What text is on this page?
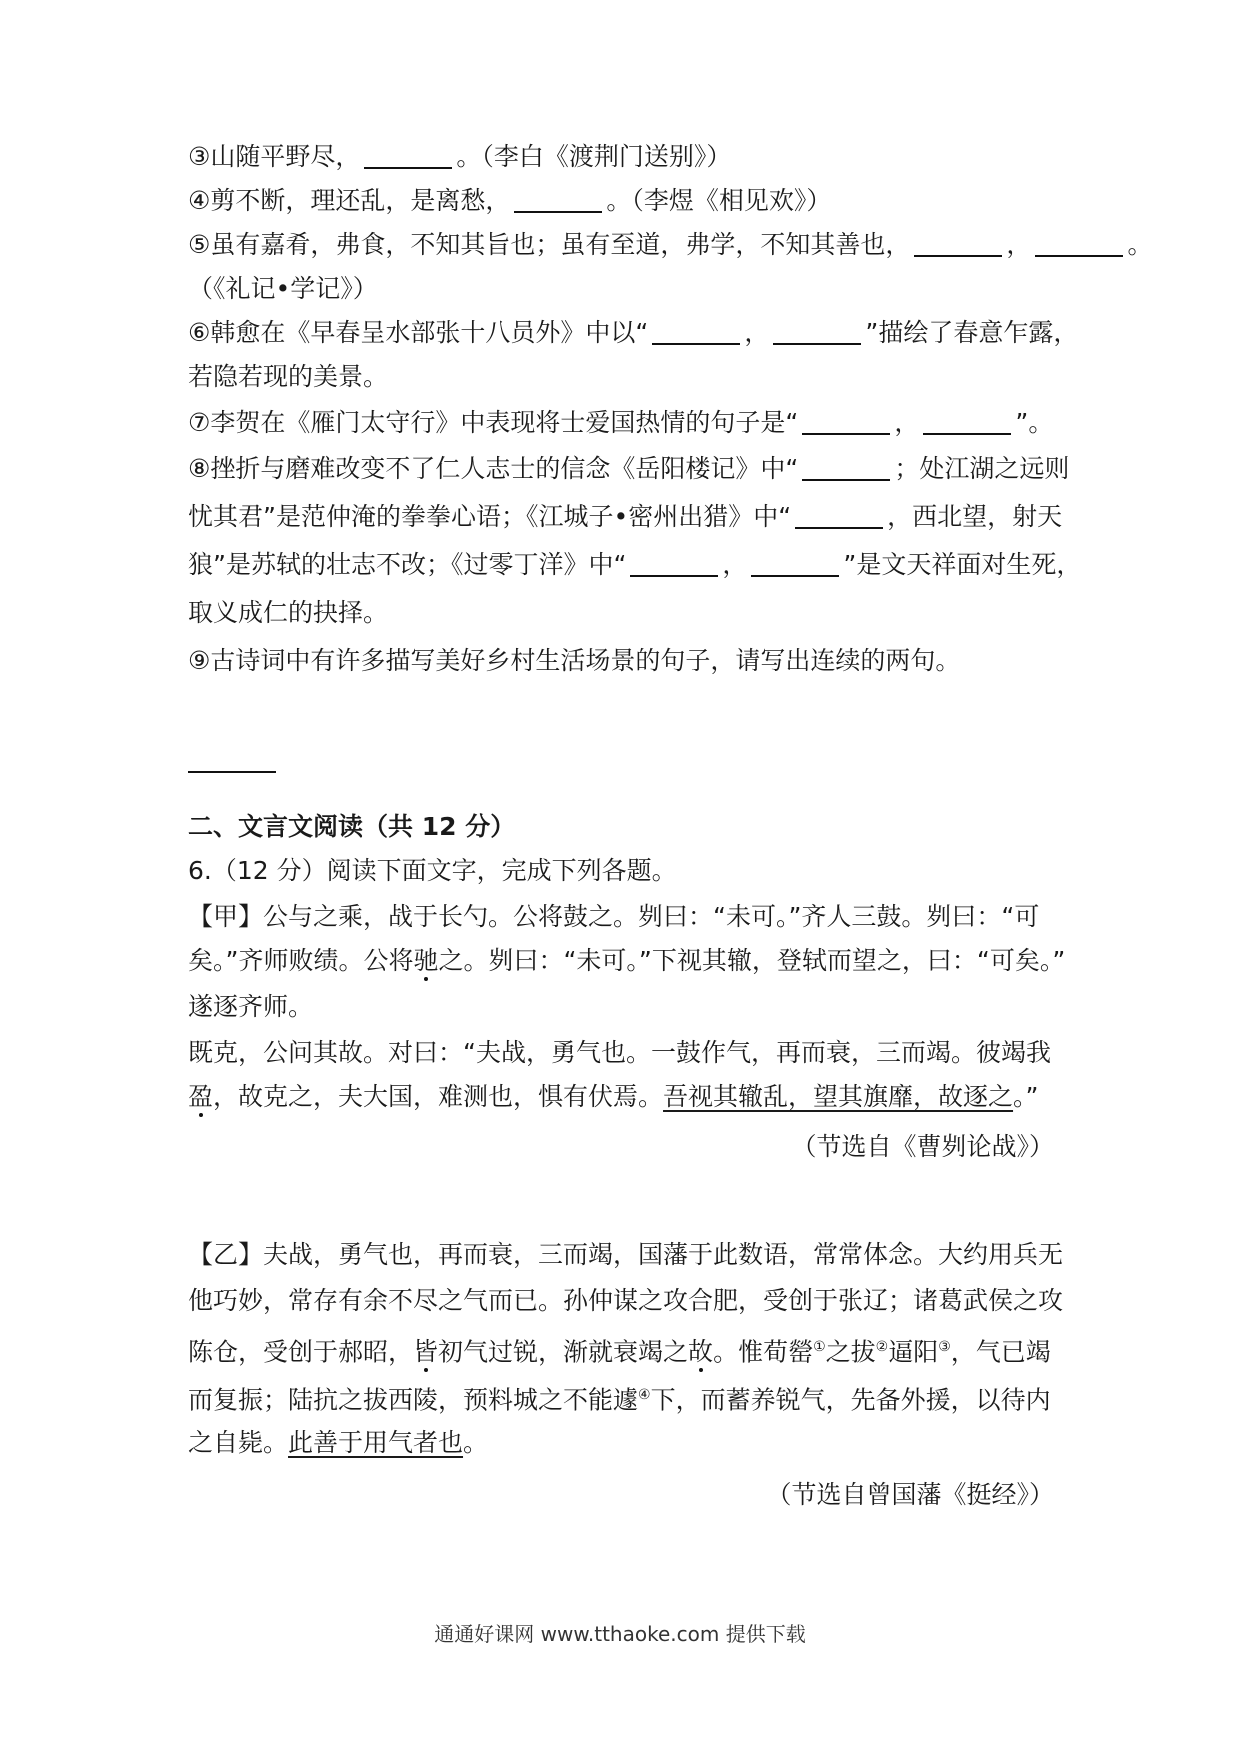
③山随平野尽，	。（李白《渡荆门送别》）
④剪不断，理还乱，是离愁，	。（李煜《相见欢》）
⑤虽有嘉肴，弗食，不知其旨也；虽有至道，弗学，不知其善也，	，	。
（《礼记•学记》）
⑥韩愈在《早春呈水部张十八员外》中以“	，	”描绘了春意乍露，
若隐若现的美景。
⑦李贺在《雁门太守行》中表现将士爱国热情的句子是“	，	”。
⑧挫折与磨难改变不了仁人志士的信念《岳阳楼记》中“	；处江湖之远则
忧其君”是范仲淹的拳拳心语；《江城子•密州出猎》中“	，西北望，射天
狼”是苏轼的壮志不改；《过零丁洋》中“	，	”是文天祥面对生死，
取义成仁的抉择。
⑨古诗词中有许多描写美好乡村生活场景的句子，请写出连续的两句。
二、文言文阅读（共 12 分）
6.（12 分）阅读下面文字，完成下列各题。
【甲】公与之乘，战于长勺。公将鼓之。刿曰：“未可。”齐人三鼓。刿曰：“可
矣。”齐师败绩。公将驰之。刿曰：“未可。”下视其辙，登轼而望之，曰：“可矣。”
遂逐齐师。
既克，公问其故。对曰：“夫战，勇气也。一鼓作气，再而衰，三而竭。彼竭我
盈，故克之，夫大国，难测也，惧有伏焉。吾视其辙乱，望其旗靡，故逐之。”
（节选自《曹刿论战》）
【乙】夫战，勇气也，再而衰，三而竭，国藩于此数语，常常体念。大约用兵无
他巧妙，常存有余不尽之气而已。孙仲谋之攻合肥，受创于张辽；诸葛武侯之攻
陈仓，受创于郝昭，皆初气过锐，渐就衰竭之故。惟荀罃①之拔②逼阳③，气已竭
而复振；陆抗之拔西陵，预料城之不能遽④下，而蓄养锐气，先备外援，以待内
之自毙。此善于用气者也。
（节选自曾国藩《挺经》）
通通好课网 www.tthaoke.com 提供下载
